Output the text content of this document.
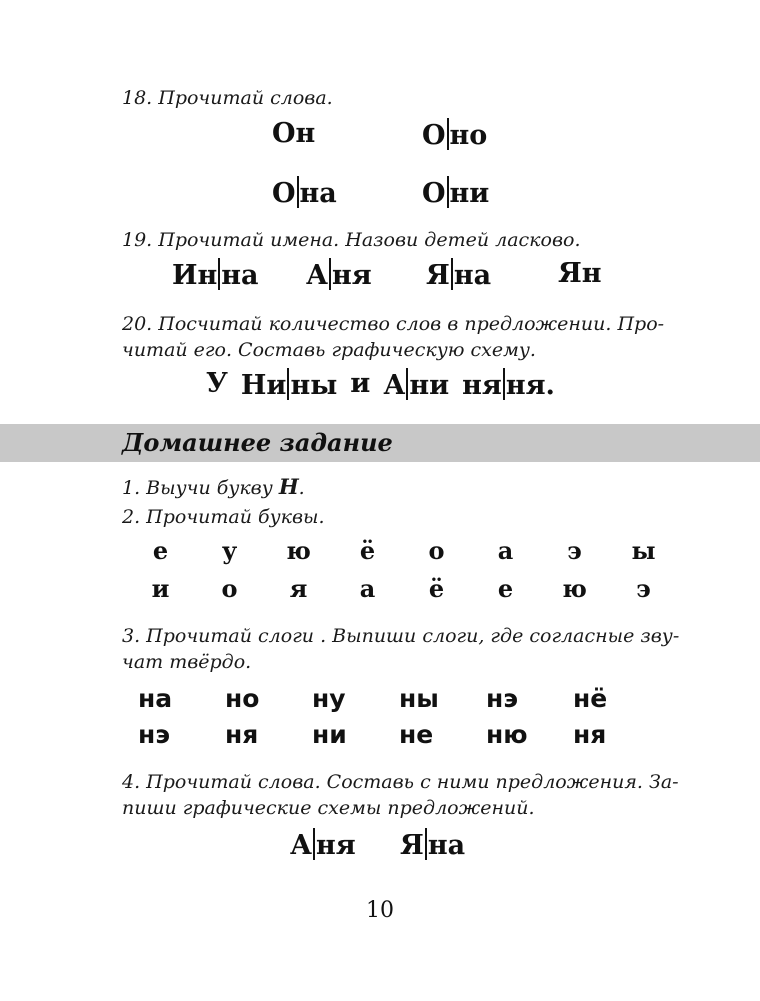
18. Прочитай слова.
Он	О но
О на	О ни
19. Прочитай имена. Назови детей ласково.
Ин на А ня Я на Ян
20. Посчитай количество слов в предложении. Про-
читай его. Составь графическую схему.
У Ни ны и А ни ня ня.
Домашнее задание
1. Выучи букву Н.
2. Прочитай буквы.
е	у	ю	ё	о	а	э	ы
и	о	я	а	ё	е	ю	э
3. Прочитай слоги . Выпиши слоги, где согласные зву-
чат твёрдо.
на	но	ну	ны	нэ	нё
нэ	ня	ни	не	ню	ня
4. Прочитай слова. Составь с ними предложения. За-
пиши графические схемы предложений.
А ня Я на
10
